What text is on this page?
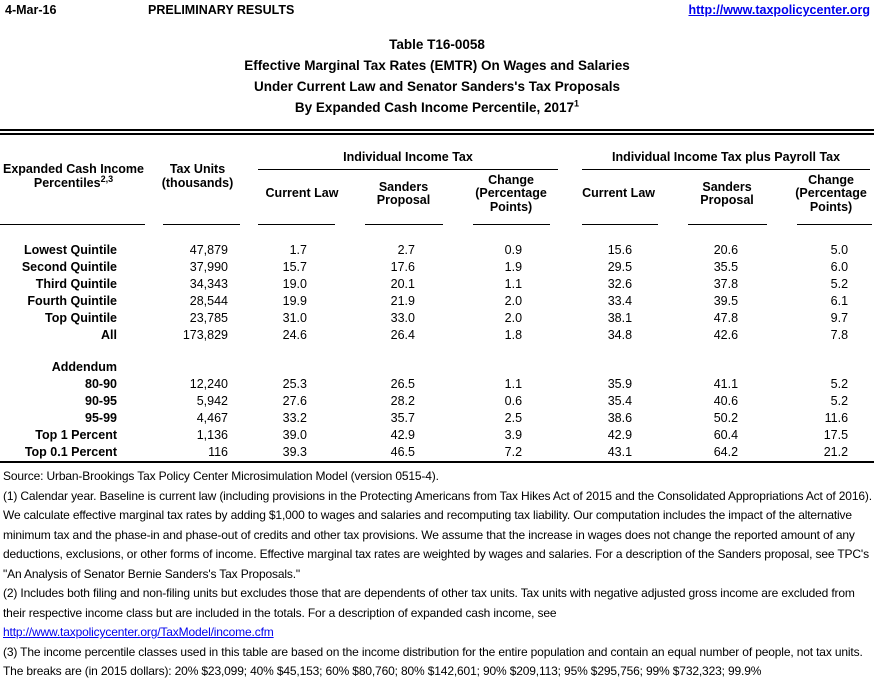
4-Mar-16	PRELIMINARY RESULTS	http://www.taxpolicycenter.org
Table T16-0058
Effective Marginal Tax Rates (EMTR) On Wages and Salaries
Under Current Law and Senator Sanders's Tax Proposals
By Expanded Cash Income Percentile, 2017$^1$
Expanded Cash Income Percentiles$^{2,3}$	Tax Units (thousands)	Individual Income Tax			Individual Income Tax plus Payroll Tax		

		Current Law	Sanders Proposal	Change (Percentage Points)	Current Law	Sanders Proposal	Change (Percentage Points)

Lowest Quintile	47,879	1.7	2.7	0.9	15.6	20.6	5.0
Second Quintile	37,990	15.7	17.6	1.9	29.5	35.5	6.0
Third Quintile	34,343	19.0	20.1	1.1	32.6	37.8	5.2
Fourth Quintile	28,544	19.9	21.9	2.0	33.4	39.5	6.1
Top Quintile	23,785	31.0	33.0	2.0	38.1	47.8	9.7
All	173,829	24.6	26.4	1.8	34.8	42.6	7.8

Addendum							
80-90	12,240	25.3	26.5	1.1	35.9	41.1	5.2
90-95	5,942	27.6	28.2	0.6	35.4	40.6	5.2
95-99	4,467	33.2	35.7	2.5	38.6	50.2	11.6
Top 1 Percent	1,136	39.0	42.9	3.9	42.9	60.4	17.5
Top 0.1 Percent	116	39.3	46.5	7.2	43.1	64.2	21.2

Source: Urban-Brookings Tax Policy Center Microsimulation Model (version 0515-4).

(1) Calendar year. Baseline is current law (including provisions in the Protecting Americans from Tax Hikes Act of 2015 and the Consolidated Appropriations Act of 2016). We calculate effective marginal tax rates by adding $1,000 to wages and salaries and recomputing tax liability. Our computation includes the impact of the alternative minimum tax and the phase-in and phase-out of credits and other tax provisions. We assume that the increase in wages does not change the reported amount of any deductions, exclusions, or other forms of income. Effective marginal tax rates are weighted by wages and salaries. For a description of the Sanders proposal, see TPC's "An Analysis of Senator Bernie Sanders's Tax Proposals."

(2) Includes both filing and non-filing units but excludes those that are dependents of other tax units. Tax units with negative adjusted gross income are excluded from their respective income class but are included in the totals. For a description of expanded cash income, see

http://www.taxpolicycenter.org/TaxModel/income.cfm

(3) The income percentile classes used in this table are based on the income distribution for the entire population and contain an equal number of people, not tax units. The breaks are (in 2015 dollars): 20% $23,099; 40% $45,153; 60% $80,760; 80% $142,601; 90% $209,113; 95% $295,756; 99% $732,323; 99.9%
